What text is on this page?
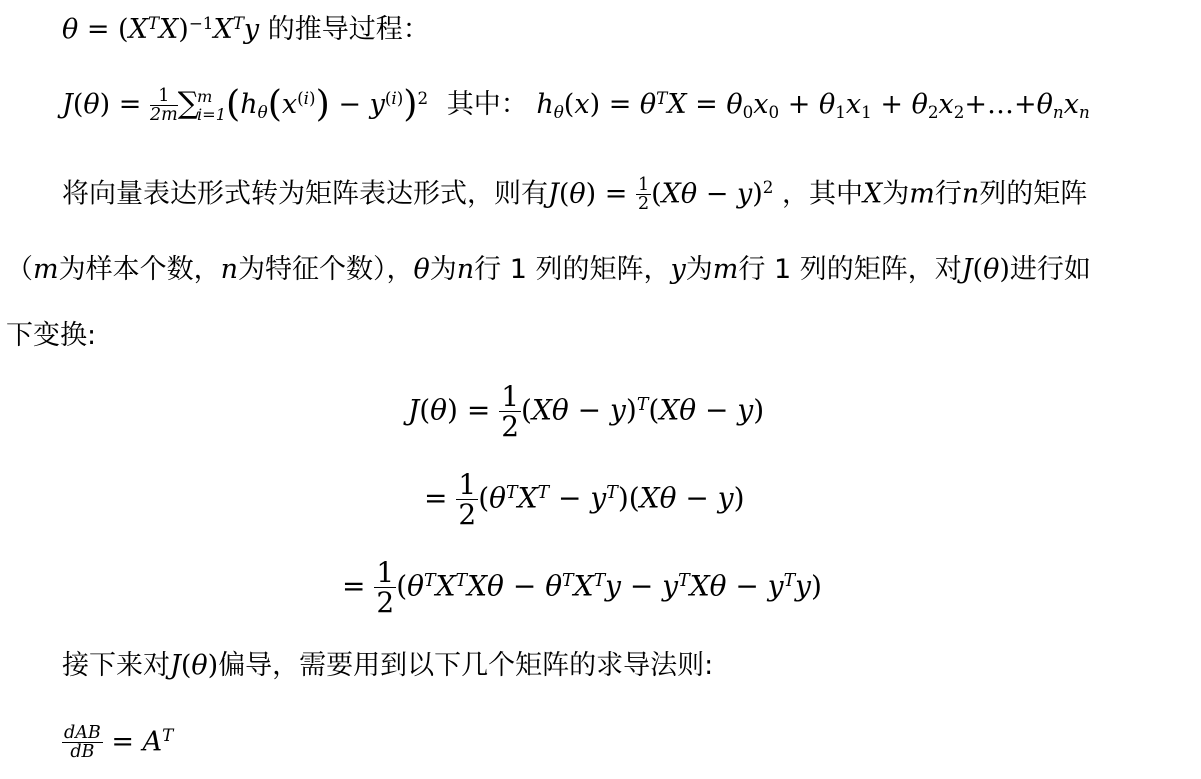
$\theta = (X^TX)^{-1}X^Ty$ 的推导过程：
$J(\theta) = \frac{1}{2m}$ ∑
m
i=1 $(h_\theta(x^{(i)}) - y^{(i)})^2$ 其中： $h_\theta(x) = \theta^TX = \theta_0x_0 + \theta_1x_1$ + $\theta_2x_2+\dots+\theta_nx_n$
将向量表达形式转为矩阵表达形式，则有$J(\theta) = \frac{1}{2} (X\theta - y)^2$ ，其中X为m行n列的矩阵
（m为样本个数，n为特征个数），θ为n行 1 列的矩阵，y为m行 1 列的矩阵，对J(θ)进行如
下变换:
$J(\theta) = \frac{1}{2} (X\theta - y)^T(X\theta - y)$
= $\frac{1}{2} (\theta^TX^T - y^T)(X\theta - y)$
= $\frac{1}{2} (\theta^TX^TX\theta - \theta^TX^Ty - y^TX\theta - y^Ty)$
接下来对J(θ)偏导，需要用到以下几个矩阵的求导法则:
$\frac{\text{dAB}}{dB} = A^T$
